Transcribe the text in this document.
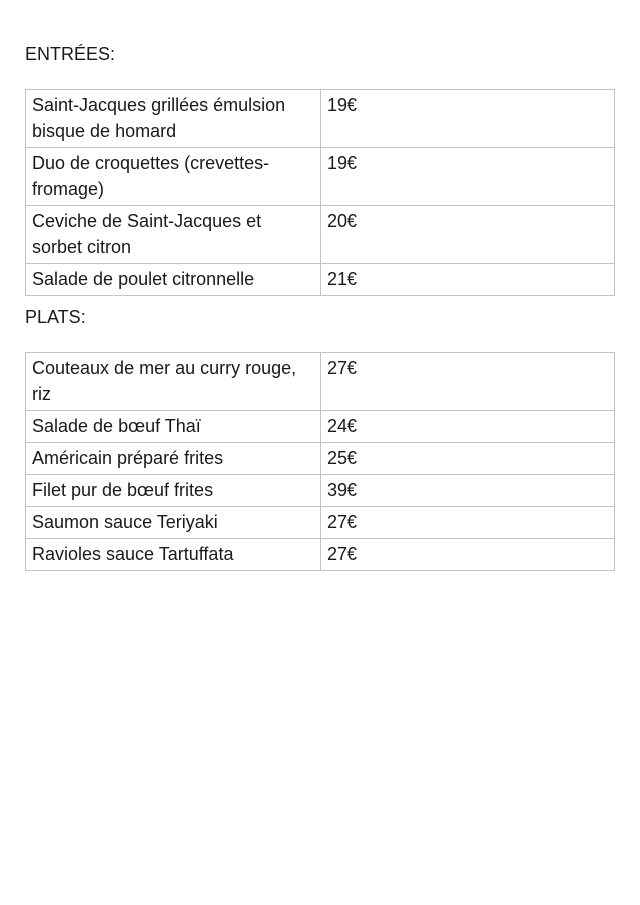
ENTRÉES:
Saint-Jacques grillées émulsion bisque de homard	19€
Duo de croquettes (crevettes-fromage)	19€
Ceviche de Saint-Jacques et sorbet citron	20€
Salade de poulet citronnelle	21€
PLATS:
Couteaux de mer au curry rouge, riz	27€
Salade de bœuf Thaï	24€
Américain préparé frites	25€
Filet pur de bœuf frites	39€
Saumon sauce Teriyaki	27€
Ravioles sauce Tartuffata	27€
